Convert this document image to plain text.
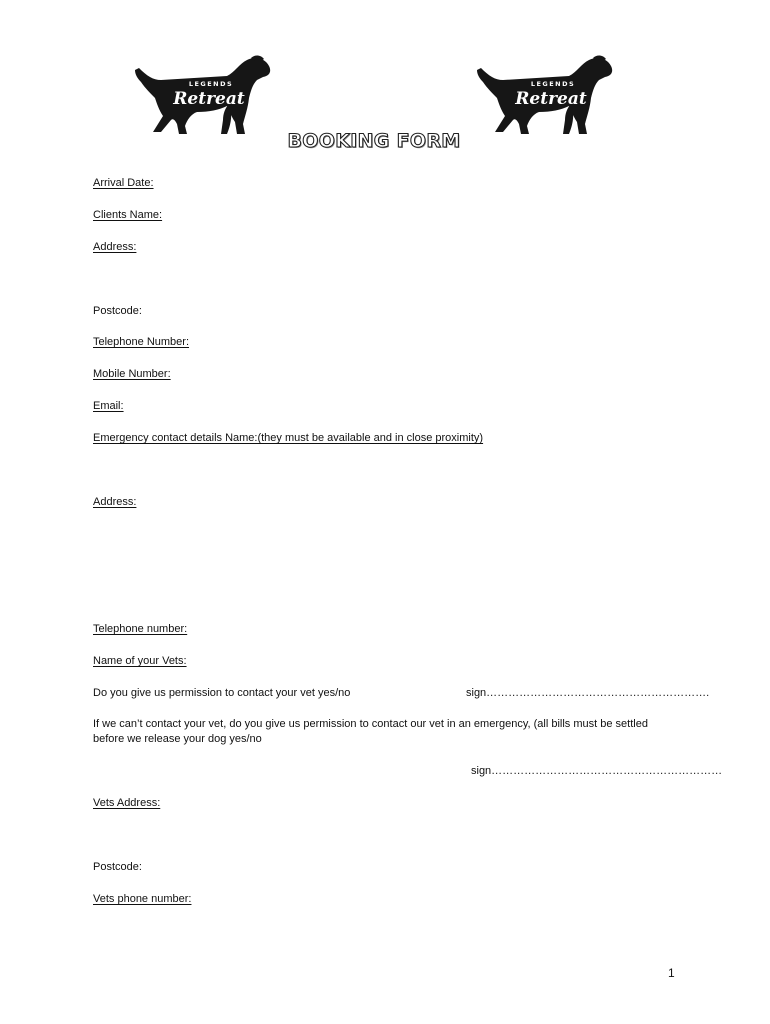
LEGENDS
Retreat
LEGENDS
Retreat
BOOKING FORM
Arrival Date:
Clients Name:
Address:
Postcode:
Telephone Number:
Mobile Number:
Email:
Emergency contact details Name:(they must be available and in close proximity)
Address:
Telephone number:
Name of your Vets:
Do you give us permission to contact your vet yes/no	sign…………………………………………………….
If we can’t contact your vet, do you give us permission to contact our vet in an emergency, (all bills must be settled before we release your dog yes/no
sign………………………………………………………
Vets Address:
Postcode:
Vets phone number:
1
